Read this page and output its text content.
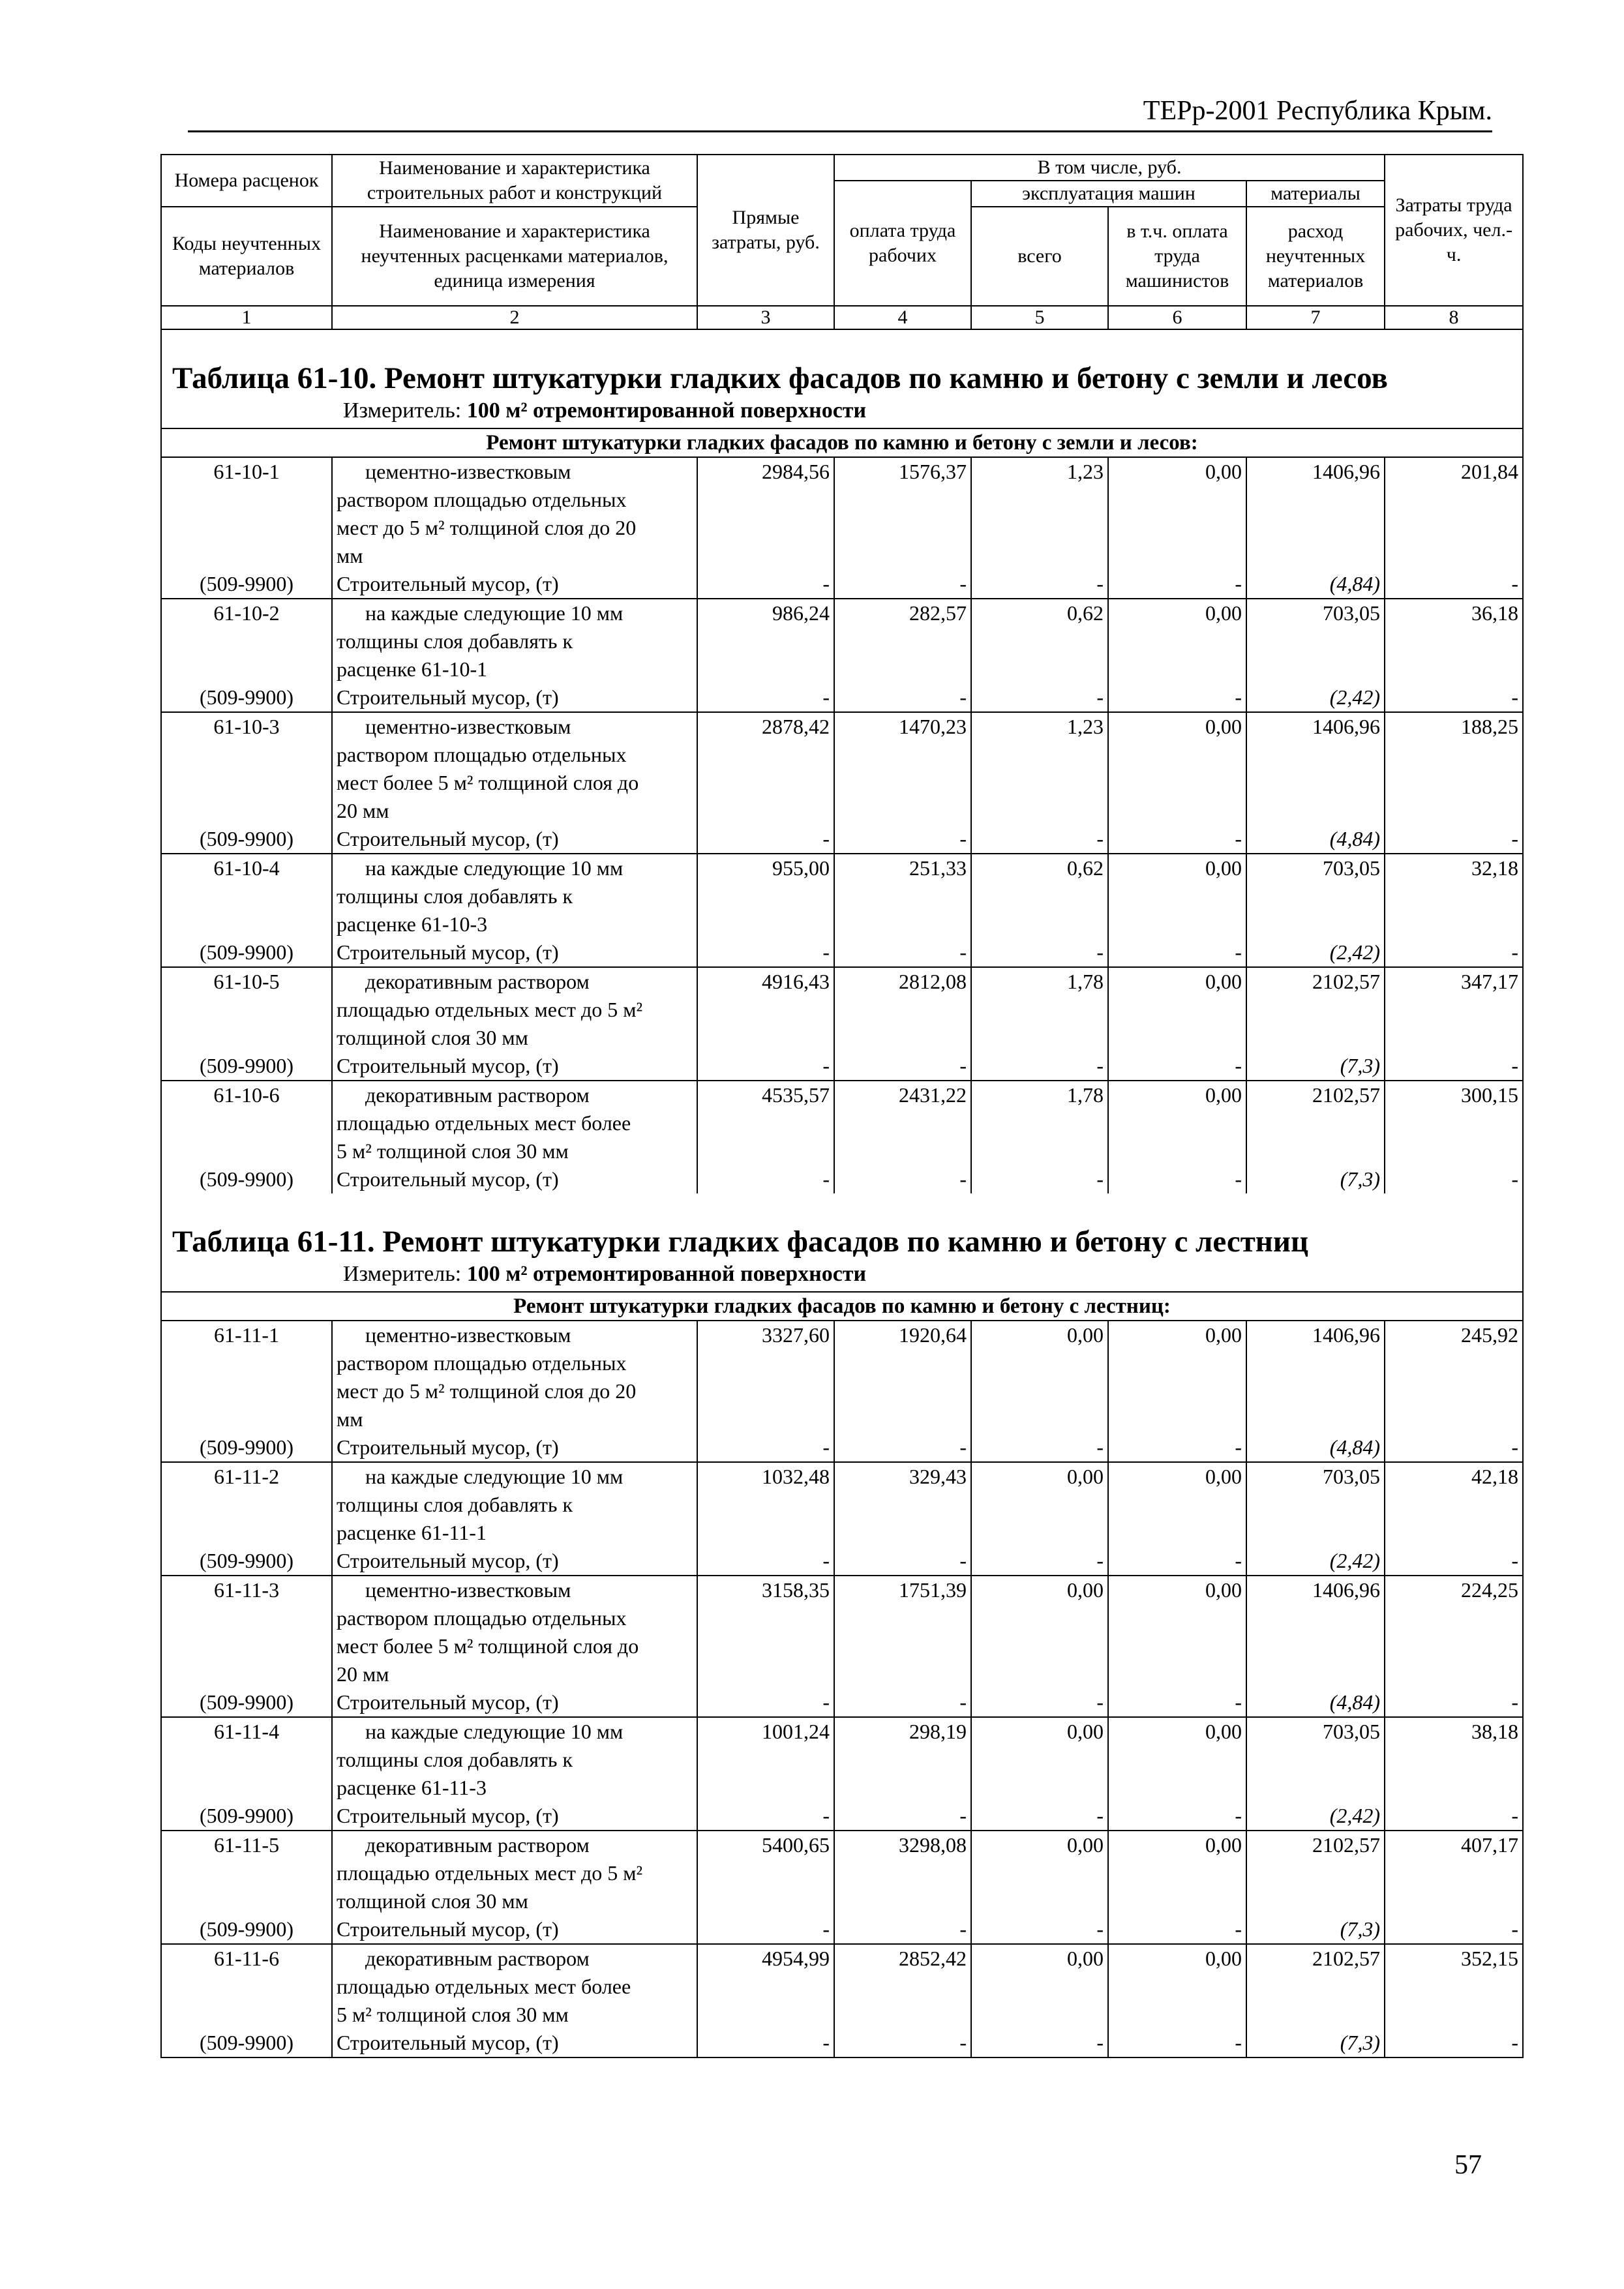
ТЕРр-2001 Республика Крым.
Номера расценок	Наименование и характеристика строительных работ и конструкций	Прямые затраты, руб.	В том числе, руб.				Затраты труда рабочих, чел.-ч.
			оплата труда рабочих	эксплуатация машин		материалы	
Коды неучтенных материалов	Наименование и характеристика неучтенных расценками материалов, единица измерения			всего	в т.ч. оплата труда машинистов	расход неучтенных материалов	

1	2	3	4	5	6	7	8
Таблица 61-10. Ремонт штукатурки гладких фасадов по камню и бетону с земли и лесов							
Измеритель: 100 м² отремонтированной поверхности							
Ремонт штукатурки гладких фасадов по камню и бетону с земли и лесов:							
61-10-1	цементно-известковым
раствором площадью отдельных
мест до 5 м² толщиной слоя до 20
мм	2984,56	1576,37	1,23	0,00	1406,96	201,84
(509-9900)	Строительный мусор, (т)	-	-	-	-	(4,84)	-
61-10-2	на каждые следующие 10 мм
толщины слоя добавлять к
расценке 61-10-1	986,24	282,57	0,62	0,00	703,05	36,18
(509-9900)	Строительный мусор, (т)	-	-	-	-	(2,42)	-
61-10-3	цементно-известковым
раствором площадью отдельных
мест более 5 м² толщиной слоя до
20 мм	2878,42	1470,23	1,23	0,00	1406,96	188,25
(509-9900)	Строительный мусор, (т)	-	-	-	-	(4,84)	-
61-10-4	на каждые следующие 10 мм
толщины слоя добавлять к
расценке 61-10-3	955,00	251,33	0,62	0,00	703,05	32,18
(509-9900)	Строительный мусор, (т)	-	-	-	-	(2,42)	-
61-10-5	декоративным раствором
площадью отдельных мест до 5 м²
толщиной слоя 30 мм	4916,43	2812,08	1,78	0,00	2102,57	347,17
(509-9900)	Строительный мусор, (т)	-	-	-	-	(7,3)	-
61-10-6	декоративным раствором
площадью отдельных мест более
5 м² толщиной слоя 30 мм	4535,57	2431,22	1,78	0,00	2102,57	300,15
(509-9900)	Строительный мусор, (т)	-	-	-	-	(7,3)	-
Таблица 61-11. Ремонт штукатурки гладких фасадов по камню и бетону с лестниц							
Измеритель: 100 м² отремонтированной поверхности							
Ремонт штукатурки гладких фасадов по камню и бетону с лестниц:							
61-11-1	цементно-известковым
раствором площадью отдельных
мест до 5 м² толщиной слоя до 20
мм	3327,60	1920,64	0,00	0,00	1406,96	245,92
(509-9900)	Строительный мусор, (т)	-	-	-	-	(4,84)	-
61-11-2	на каждые следующие 10 мм
толщины слоя добавлять к
расценке 61-11-1	1032,48	329,43	0,00	0,00	703,05	42,18
(509-9900)	Строительный мусор, (т)	-	-	-	-	(2,42)	-
61-11-3	цементно-известковым
раствором площадью отдельных
мест более 5 м² толщиной слоя до
20 мм	3158,35	1751,39	0,00	0,00	1406,96	224,25
(509-9900)	Строительный мусор, (т)	-	-	-	-	(4,84)	-
61-11-4	на каждые следующие 10 мм
толщины слоя добавлять к
расценке 61-11-3	1001,24	298,19	0,00	0,00	703,05	38,18
(509-9900)	Строительный мусор, (т)	-	-	-	-	(2,42)	-
61-11-5	декоративным раствором
площадью отдельных мест до 5 м²
толщиной слоя 30 мм	5400,65	3298,08	0,00	0,00	2102,57	407,17
(509-9900)	Строительный мусор, (т)	-	-	-	-	(7,3)	-
61-11-6	декоративным раствором
площадью отдельных мест более
5 м² толщиной слоя 30 мм	4954,99	2852,42	0,00	0,00	2102,57	352,15
(509-9900)	Строительный мусор, (т)	-	-	-	-	(7,3)	-
57
